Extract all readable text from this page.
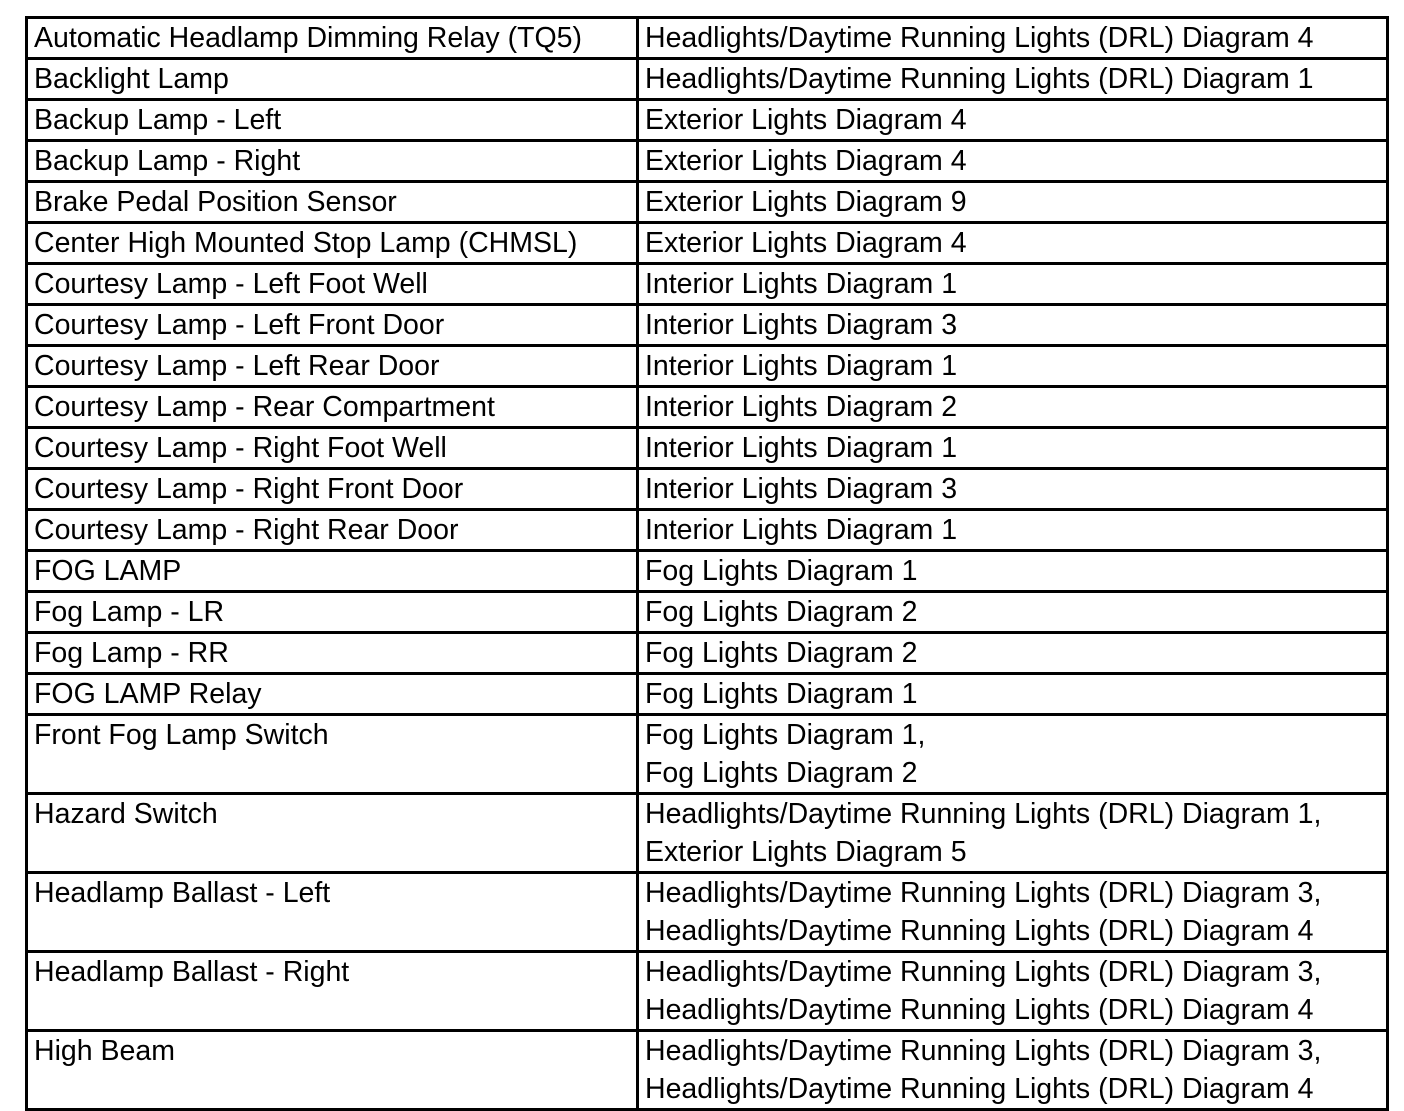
Automatic Headlamp Dimming Relay (TQ5)	Headlights/Daytime Running Lights (DRL) Diagram 4

Backlight Lamp	Headlights/Daytime Running Lights (DRL) Diagram 1

Backup Lamp - Left	Exterior Lights Diagram 4

Backup Lamp - Right	Exterior Lights Diagram 4

Brake Pedal Position Sensor	Exterior Lights Diagram 9

Center High Mounted Stop Lamp (CHMSL)	Exterior Lights Diagram 4

Courtesy Lamp - Left Foot Well	Interior Lights Diagram 1

Courtesy Lamp - Left Front Door	Interior Lights Diagram 3

Courtesy Lamp - Left Rear Door	Interior Lights Diagram 1

Courtesy Lamp - Rear Compartment	Interior Lights Diagram 2

Courtesy Lamp - Right Foot Well	Interior Lights Diagram 1

Courtesy Lamp - Right Front Door	Interior Lights Diagram 3

Courtesy Lamp - Right Rear Door	Interior Lights Diagram 1

FOG LAMP	Fog Lights Diagram 1

Fog Lamp - LR	Fog Lights Diagram 2

Fog Lamp - RR	Fog Lights Diagram 2

FOG LAMP Relay	Fog Lights Diagram 1

Front Fog Lamp Switch	Fog Lights Diagram 1,
Fog Lights Diagram 2

Hazard Switch	Headlights/Daytime Running Lights (DRL) Diagram 1,
Exterior Lights Diagram 5

Headlamp Ballast - Left	Headlights/Daytime Running Lights (DRL) Diagram 3,
Headlights/Daytime Running Lights (DRL) Diagram 4

Headlamp Ballast - Right	Headlights/Daytime Running Lights (DRL) Diagram 3,
Headlights/Daytime Running Lights (DRL) Diagram 4

High Beam	Headlights/Daytime Running Lights (DRL) Diagram 3,
Headlights/Daytime Running Lights (DRL) Diagram 4
